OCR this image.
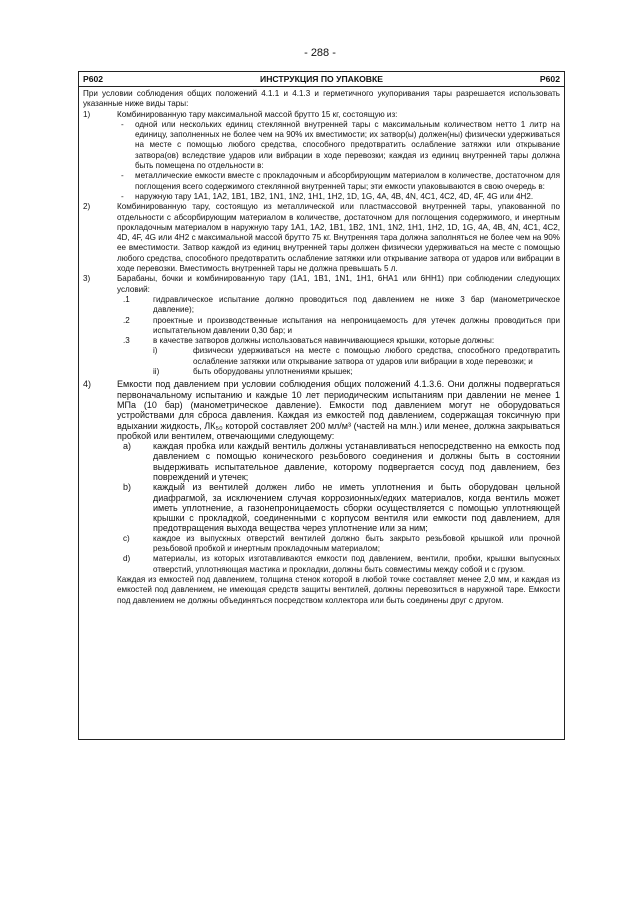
- 288 -
P602	ИНСТРУКЦИЯ ПО УПАКОВКЕ	P602
При условии соблюдения общих положений 4.1.1 и 4.1.3 и герметичного укупоривания тары разрешается использовать указанные ниже виды тары:
1)	Комбинированную тару максимальной массой брутто 15 кг, состоящую из:
-	одной или нескольких единиц стеклянной внутренней тары с максимальным количеством нетто 1 литр на единицу, заполненных не более чем на 90% их вместимости; их затвор(ы) должен(ны) физически удерживаться на месте с помощью любого средства, способного предотвратить ослабление затяжки или открывание затвора(ов) вследствие ударов или вибрации в ходе перевозки; каждая из единиц внутренней тары должна быть помещена по отдельности в:
-	металлические емкости вместе с прокладочным и абсорбирующим материалом в количестве, достаточном для поглощения всего содержимого стеклянной внутренней тары; эти емкости упаковываются в свою очередь в:
-	наружную тару 1A1, 1A2, 1B1, 1B2, 1N1, 1N2, 1H1, 1H2, 1D, 1G, 4A, 4B, 4N, 4C1, 4C2, 4D, 4F, 4G или 4H2.
2)	Комбинированную тару, состоящую из металлической или пластмассовой внутренней тары, упакованной по отдельности с абсорбирующим материалом в количестве, достаточном для поглощения содержимого, и инертным прокладочным материалом в наружную тару 1A1, 1A2, 1B1, 1B2, 1N1, 1N2, 1H1, 1H2, 1D, 1G, 4A, 4B, 4N, 4C1, 4C2, 4D, 4F, 4G или 4H2 с максимальной массой брутто 75 кг. Внутренняя тара должна заполняться не более чем на 90% ее вместимости. Затвор каждой из единиц внутренней тары должен физически удерживаться на месте с помощью любого средства, способного предотвратить ослабление затяжки или открывание затвора от ударов или вибрации в ходе перевозки. Вместимость внутренней тары не должна превышать 5 л.
3)	Барабаны, бочки и комбинированную тару (1A1, 1B1, 1N1, 1H1, 6HA1 или 6HH1) при соблюдении следующих условий:
.1	гидравлическое испытание должно проводиться под давлением не ниже 3 бар (манометрическое давление);
.2	проектные и производственные испытания на непроницаемость для утечек должны проводиться при испытательном давлении 0,30 бар; и
.3	в качестве затворов должны использоваться навинчивающиеся крышки, которые должны:
i)	физически удерживаться на месте с помощью любого средства, способного предотвратить ослабление затяжки или открывание затвора от ударов или вибрации в ходе перевозки; и
ii)	быть оборудованы уплотнениями крышек;
4)	Емкости под давлением при условии соблюдения общих положений 4.1.3.6. Они должны подвергаться первоначальному испытанию и каждые 10 лет периодическим испытаниям при давлении не менее 1 МПа (10 бар) (манометрическое давление). Емкости под давлением могут не оборудоваться устройствами для сброса давления. Каждая из емкостей под давлением, содержащая токсичную при вдыхании жидкость, ЛК₅₀ которой составляет 200 мл/м³ (частей на млн.) или менее, должна закрываться пробкой или вентилем, отвечающими следующему:
a)	каждая пробка или каждый вентиль должны устанавливаться непосредственно на емкость под давлением с помощью конического резьбового соединения и должны быть в состоянии выдерживать испытательное давление, которому подвергается сосуд под давлением, без повреждений и утечек;
b)	каждый из вентилей должен либо не иметь уплотнения и быть оборудован цельной диафрагмой, за исключением случая коррозионных/едких материалов, когда вентиль может иметь уплотнение, а газонепроницаемость сборки осуществляется с помощью уплотняющей крышки с прокладкой, соединенными с корпусом вентиля или емкости под давлением, для предотвращения выхода вещества через уплотнение или за ним;
c)	каждое из выпускных отверстий вентилей должно быть закрыто резьбовой крышкой или прочной резьбовой пробкой и инертным прокладочным материалом;
d)	материалы, из которых изготавливаются емкости под давлением, вентили, пробки, крышки выпускных отверстий, уплотняющая мастика и прокладки, должны быть совместимы между собой и с грузом.
Каждая из емкостей под давлением, толщина стенок которой в любой точке составляет менее 2,0 мм, и каждая из емкостей под давлением, не имеющая средств защиты вентилей, должны перевозиться в наружной таре. Емкости под давлением не должны объединяться посредством коллектора или быть соединены друг с другом.
